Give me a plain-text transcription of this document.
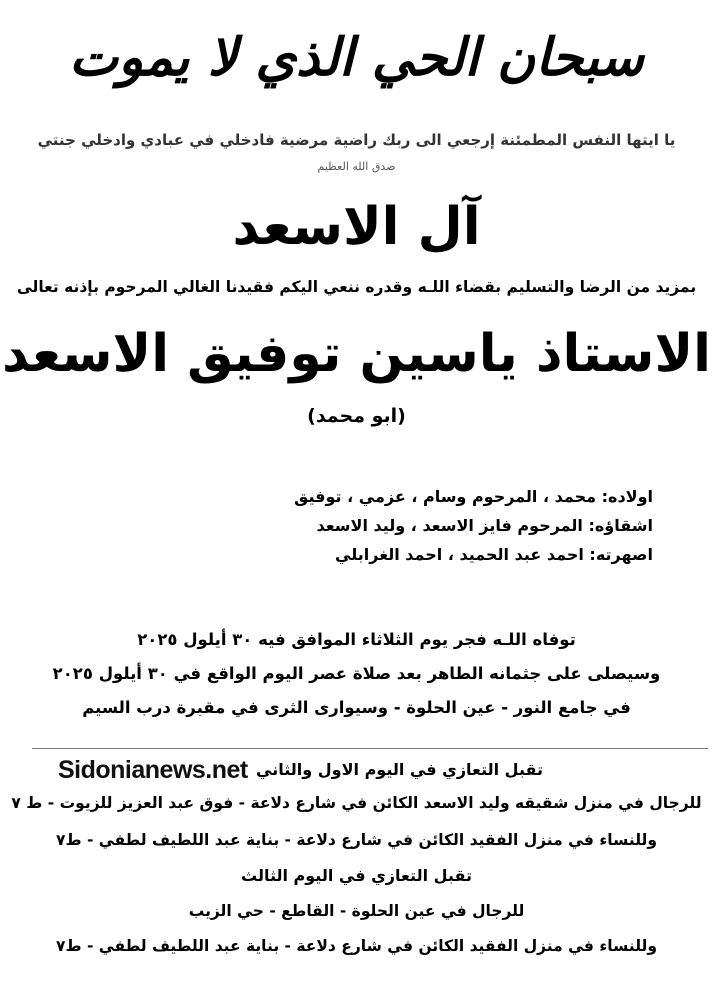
سبحان الحي الذي لا يموت
يا ايتها النفس المطمئنة إرجعي الى ربك راضية مرضية فادخلي في عبادي وادخلي جنتي
صدق الله العظيم
آل الاسعد
بمزيد من الرضا والتسليم بقضاء اللـه وقدره ننعي اليكم فقيدنا الغالي المرحوم بإذنه تعالى
الاستاذ ياسين توفيق الاسعد
(ابو محمد)
اولاده: محمد ، المرحوم وسام ، عزمي ، توفيق
اشقاؤه: المرحوم فايز الاسعد ، وليد الاسعد
اصهرته: احمد عبد الحميد ، احمد الغرابلي
توفاه اللـه فجر يوم الثلاثاء الموافق فيه ٣٠ أيلول ٢٠٢٥
وسيصلى على جثمانه الطاهر بعد صلاة عصر اليوم الواقع في ٣٠ أيلول ٢٠٢٥
في جامع النور - عين الحلوة - وسيوارى الثرى في مقبرة درب السيم
Sidonianews.net تقبل التعازي في اليوم الاول والثاني
للرجال في منزل شقيقه وليد الاسعد الكائن في شارع دلاعة - فوق عبد العزيز للزيوت - ط ٧
وللنساء في منزل الفقيد الكائن في شارع دلاعة - بناية عبد اللطيف لطفي - ط٧
تقبل التعازي في اليوم الثالث
للرجال في عين الحلوة - القاطع - حي الزيب
وللنساء في منزل الفقيد الكائن في شارع دلاعة - بناية عبد اللطيف لطفي - ط٧
